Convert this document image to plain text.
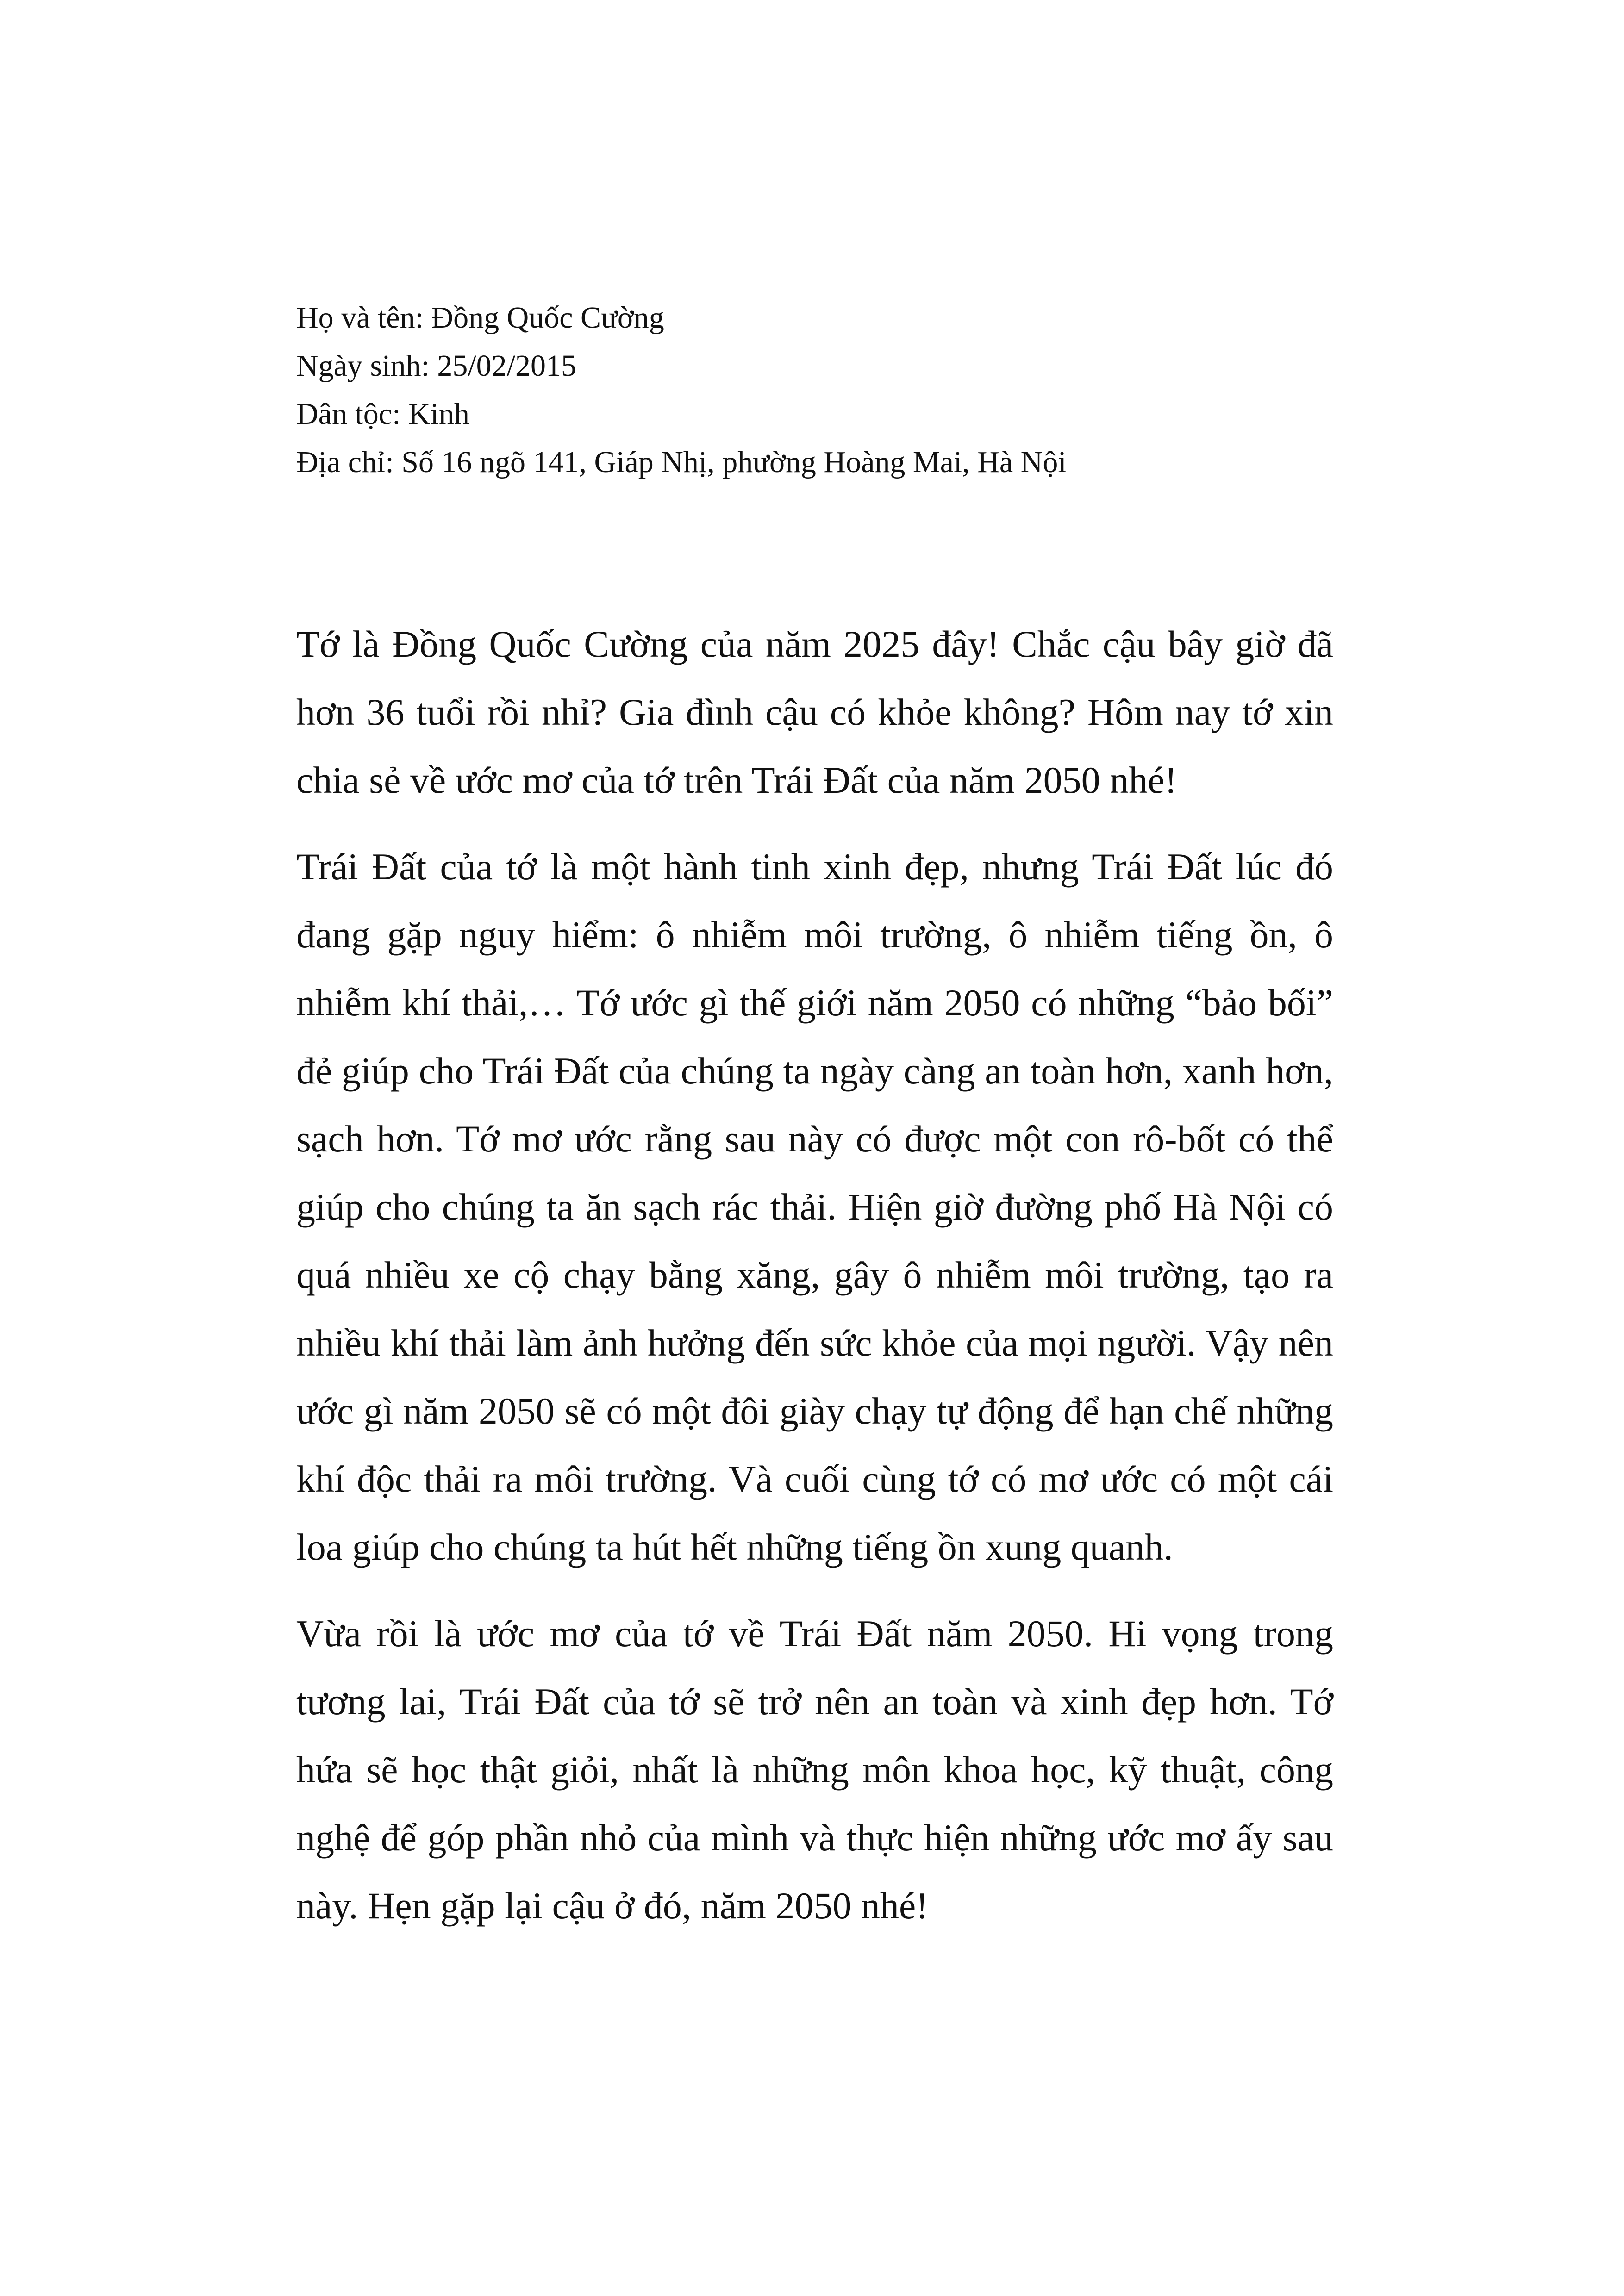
Họ và tên: Đồng Quốc Cường
Ngày sinh: 25/02/2015
Dân tộc: Kinh
Địa chỉ: Số 16 ngõ 141, Giáp Nhị, phường Hoàng Mai, Hà Nội

Tớ là Đồng Quốc Cường của năm 2025 đây! Chắc cậu bây giờ đã hơn 36 tuổi rồi nhỉ? Gia đình cậu có khỏe không? Hôm nay tớ xin chia sẻ về ước mơ của tớ trên Trái Đất của năm 2050 nhé!

Trái Đất của tớ là một hành tinh xinh đẹp, nhưng Trái Đất lúc đó đang gặp nguy hiểm: ô nhiễm môi trường, ô nhiễm tiếng ồn, ô nhiễm khí thải,… Tớ ước gì thế giới năm 2050 có những “bảo bối” đẻ giúp cho Trái Đất của chúng ta ngày càng an toàn hơn, xanh hơn, sạch hơn. Tớ mơ ước rằng sau này có được một con rô-bốt có thể giúp cho chúng ta ăn sạch rác thải. Hiện giờ đường phố Hà Nội có quá nhiều xe cộ chạy bằng xăng, gây ô nhiễm môi trường, tạo ra nhiều khí thải làm ảnh hưởng đến sức khỏe của mọi người. Vậy nên ước gì năm 2050 sẽ có một đôi giày chạy tự động để hạn chế những khí độc thải ra môi trường. Và cuối cùng tớ có mơ ước có một cái loa giúp cho chúng ta hút hết những tiếng ồn xung quanh.

Vừa rồi là ước mơ của tớ về Trái Đất năm 2050. Hi vọng trong tương lai, Trái Đất của tớ sẽ trở nên an toàn và xinh đẹp hơn. Tớ hứa sẽ học thật giỏi, nhất là những môn khoa học, kỹ thuật, công nghệ để góp phần nhỏ của mình và thực hiện những ước mơ ấy sau này. Hẹn gặp lại cậu ở đó, năm 2050 nhé!
